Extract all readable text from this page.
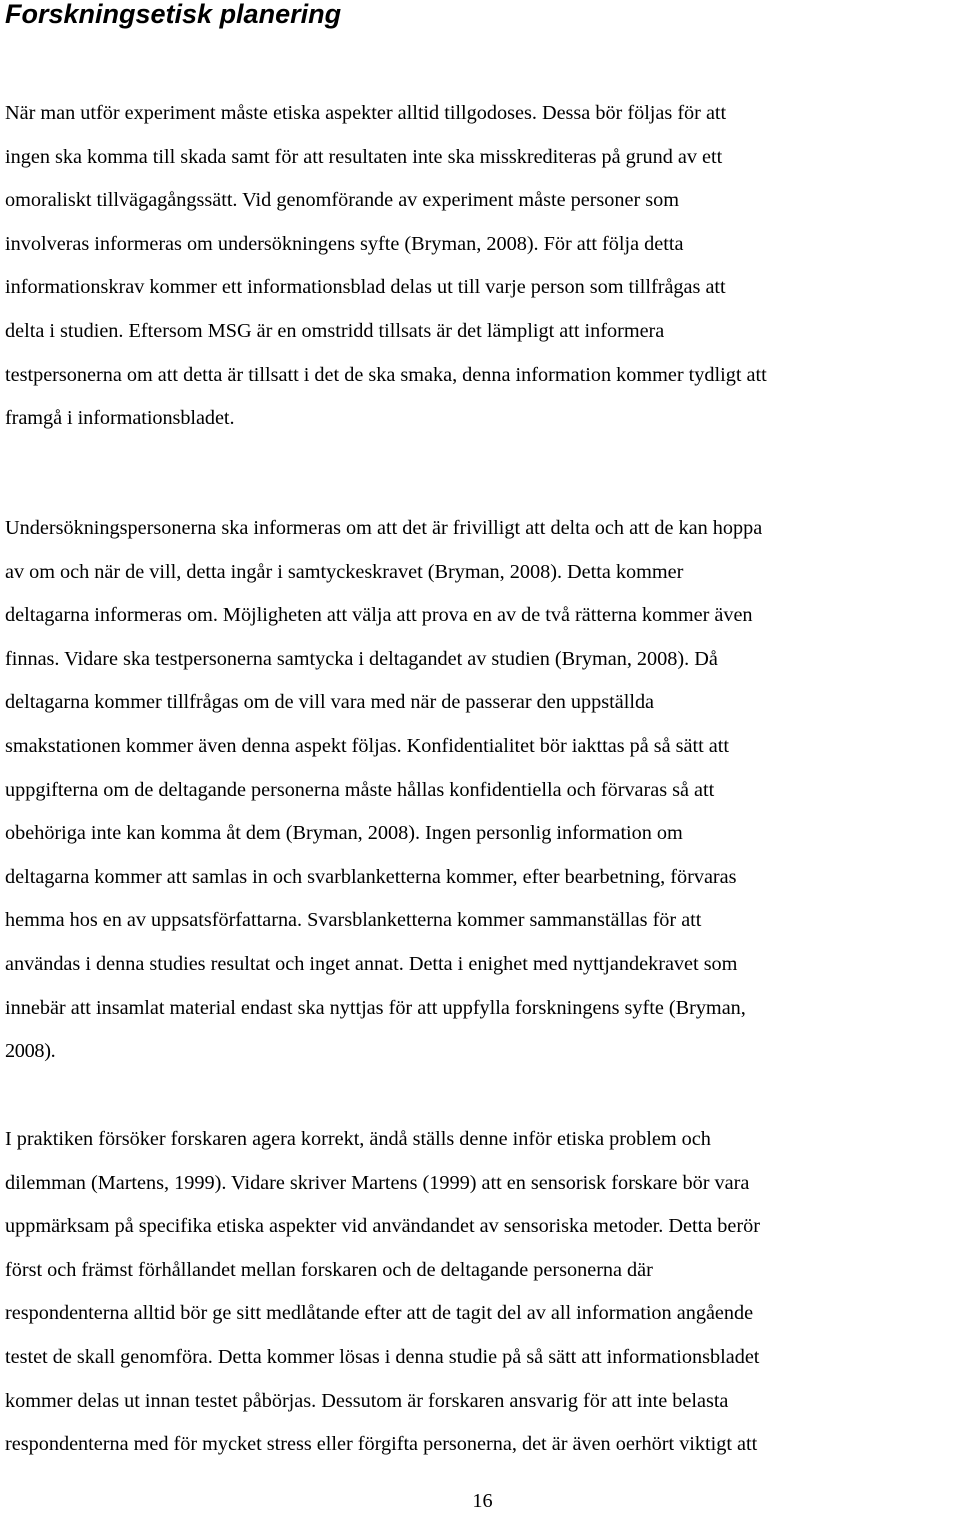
Forskningsetisk planering
När man utför experiment måste etiska aspekter alltid tillgodoses. Dessa bör följas för att
ingen ska komma till skada samt för att resultaten inte ska misskrediteras på grund av ett
omoraliskt tillvägagångssätt. Vid genomförande av experiment måste personer som
involveras informeras om undersökningens syfte (Bryman, 2008). För att följa detta
informationskrav kommer ett informationsblad delas ut till varje person som tillfrågas att
delta i studien. Eftersom MSG är en omstridd tillsats är det lämpligt att informera
testpersonerna om att detta är tillsatt i det de ska smaka, denna information kommer tydligt att
framgå i informationsbladet.
Undersökningspersonerna ska informeras om att det är frivilligt att delta och att de kan hoppa
av om och när de vill, detta ingår i samtyckeskravet (Bryman, 2008). Detta kommer
deltagarna informeras om. Möjligheten att välja att prova en av de två rätterna kommer även
finnas. Vidare ska testpersonerna samtycka i deltagandet av studien (Bryman, 2008). Då
deltagarna kommer tillfrågas om de vill vara med när de passerar den uppställda
smakstationen kommer även denna aspekt följas. Konfidentialitet bör iakttas på så sätt att
uppgifterna om de deltagande personerna måste hållas konfidentiella och förvaras så att
obehöriga inte kan komma åt dem (Bryman, 2008). Ingen personlig information om
deltagarna kommer att samlas in och svarblanketterna kommer, efter bearbetning, förvaras
hemma hos en av uppsatsförfattarna. Svarsblanketterna kommer sammanställas för att
användas i denna studies resultat och inget annat. Detta i enighet med nyttjandekravet som
innebär att insamlat material endast ska nyttjas för att uppfylla forskningens syfte (Bryman,
2008).
I praktiken försöker forskaren agera korrekt, ändå ställs denne inför etiska problem och
dilemman (Martens, 1999). Vidare skriver Martens (1999) att en sensorisk forskare bör vara
uppmärksam på specifika etiska aspekter vid användandet av sensoriska metoder. Detta berör
först och främst förhållandet mellan forskaren och de deltagande personerna där
respondenterna alltid bör ge sitt medlåtande efter att de tagit del av all information angående
testet de skall genomföra. Detta kommer lösas i denna studie på så sätt att informationsbladet
kommer delas ut innan testet påbörjas. Dessutom är forskaren ansvarig för att inte belasta
respondenterna med för mycket stress eller förgifta personerna, det är även oerhört viktigt att
16
